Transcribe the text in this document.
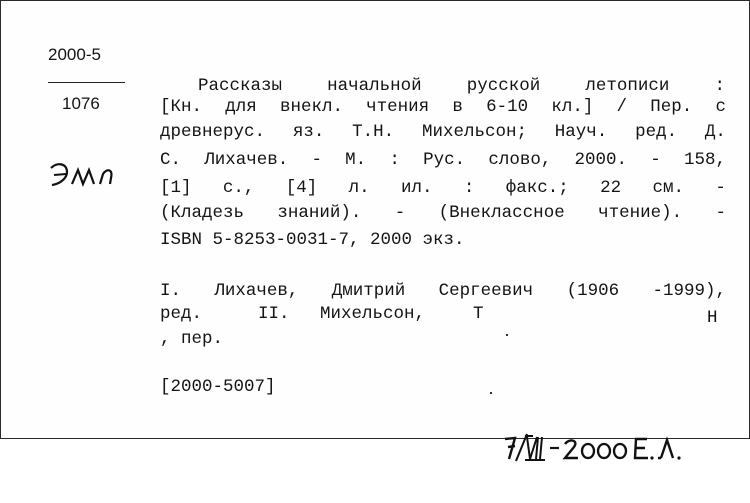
2000-5
1076

Рассказы	начальной	русской	летописи	:
[Кн. для внекл. чтения в 6-10 кл.] / Пер. с
древнерус. яз. Т.Н. Михельсон; Науч. ред. Д.
С. Лихачев. - М. : Рус. слово, 2000. - 158,
[1] с., [4] л. ил. : факс.; 22 см. -
(Кладезь знаний). - (Внеклассное чтение). -
ISBN 5-8253-0031-7, 2000 экз.
I. Лихачев, Дмитрий Сергеевич (1906 -1999),
ред.	II. Михельсон,	Т	Н
, пер.
[2000-5007]
